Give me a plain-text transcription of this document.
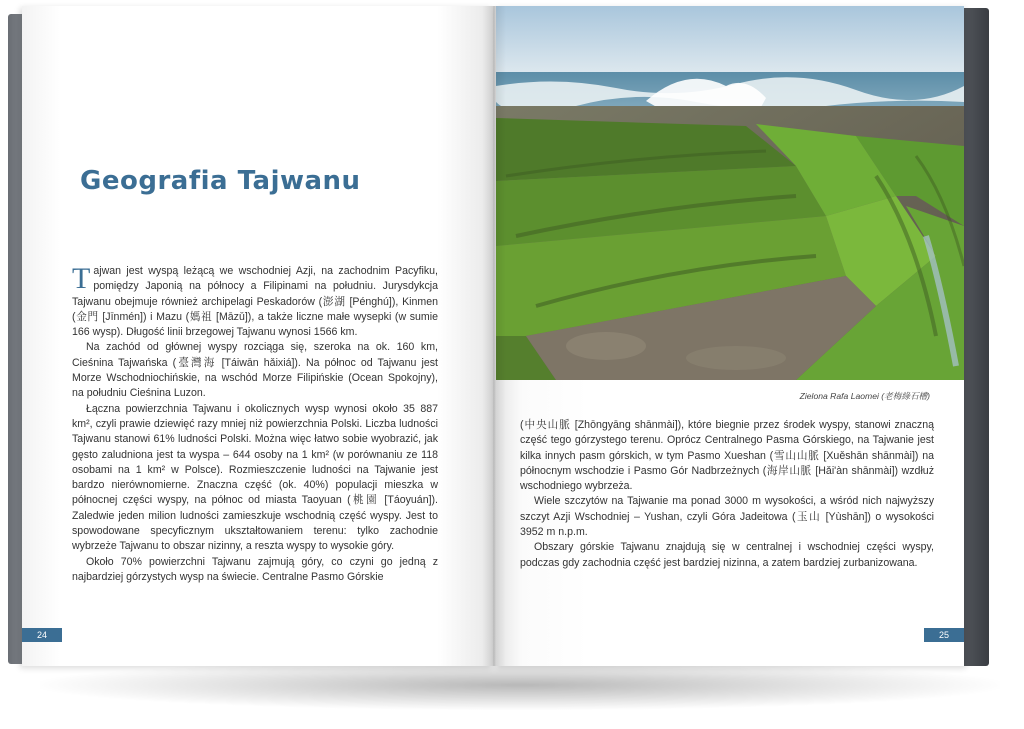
Geografia Tajwanu

Tajwan jest wyspą leżącą we wschodniej Azji, na zachodnim Pacyfiku, pomiędzy Japonią na północy a Filipinami na południu. Jurysdykcja Tajwanu obejmuje również archipelagi Peskadorów (澎湖 [Pénghú]), Kinmen (金門 [Jīnmén]) i Mazu (媽祖 [Māzǔ]), a także liczne małe wysepki (w sumie 166 wysp). Długość linii brzegowej Tajwanu wynosi 1566 km.

Na zachód od głównej wyspy rozciąga się, szeroka na ok. 160 km, Cieśnina Tajwańska (臺灣海 [Táiwān hǎixiá]). Na północ od Tajwanu jest Morze Wschodniochińskie, na wschód Morze Filipińskie (Ocean Spokojny), na południu Cieśnina Luzon.

Łączna powierzchnia Tajwanu i okolicznych wysp wynosi około 35 887 km², czyli prawie dziewięć razy mniej niż powierzchnia Polski. Liczba ludności Tajwanu stanowi 61% ludności Polski. Można więc łatwo sobie wyobrazić, jak gęsto zaludniona jest ta wyspa – 644 osoby na 1 km² (w porównaniu ze 118 osobami na 1 km² w Polsce). Rozmieszczenie ludności na Tajwanie jest bardzo nierównomierne. Znaczna część (ok. 40%) populacji mieszka w północnej części wyspy, na północ od miasta Taoyuan (桃園 [Táoyuán]). Zaledwie jeden milion ludności zamieszkuje wschodnią część wyspy. Jest to spowodowane specyficznym ukształtowaniem terenu: tylko zachodnie wybrzeże Tajwanu to obszar nizinny, a reszta wyspy to wysokie góry.

Około 70% powierzchni Tajwanu zajmują góry, co czyni go jedną z najbardziej górzystych wysp na świecie. Centralne Pasmo Górskie

24
Zielona Rafa Laomei (老梅綠石槽)

(中央山脈 [Zhōngyāng shānmài]), które biegnie przez środek wyspy, stanowi znaczną część tego górzystego terenu. Oprócz Centralnego Pasma Górskiego, na Tajwanie jest kilka innych pasm górskich, w tym Pasmo Xueshan (雪山山脈 [Xuěshān shānmài]) na północnym wschodzie i Pasmo Gór Nadbrzeżnych (海岸山脈 [Hǎi'àn shānmài]) wzdłuż wschodniego wybrzeża.

Wiele szczytów na Tajwanie ma ponad 3000 m wysokości, a wśród nich najwyższy szczyt Azji Wschodniej – Yushan, czyli Góra Jadeitowa (玉山 [Yùshān]) o wysokości 3952 m n.p.m.

Obszary górskie Tajwanu znajdują się w centralnej i wschodniej części wyspy, podczas gdy zachodnia część jest bardziej nizinna, a zatem bardziej zurbanizowana.

25
